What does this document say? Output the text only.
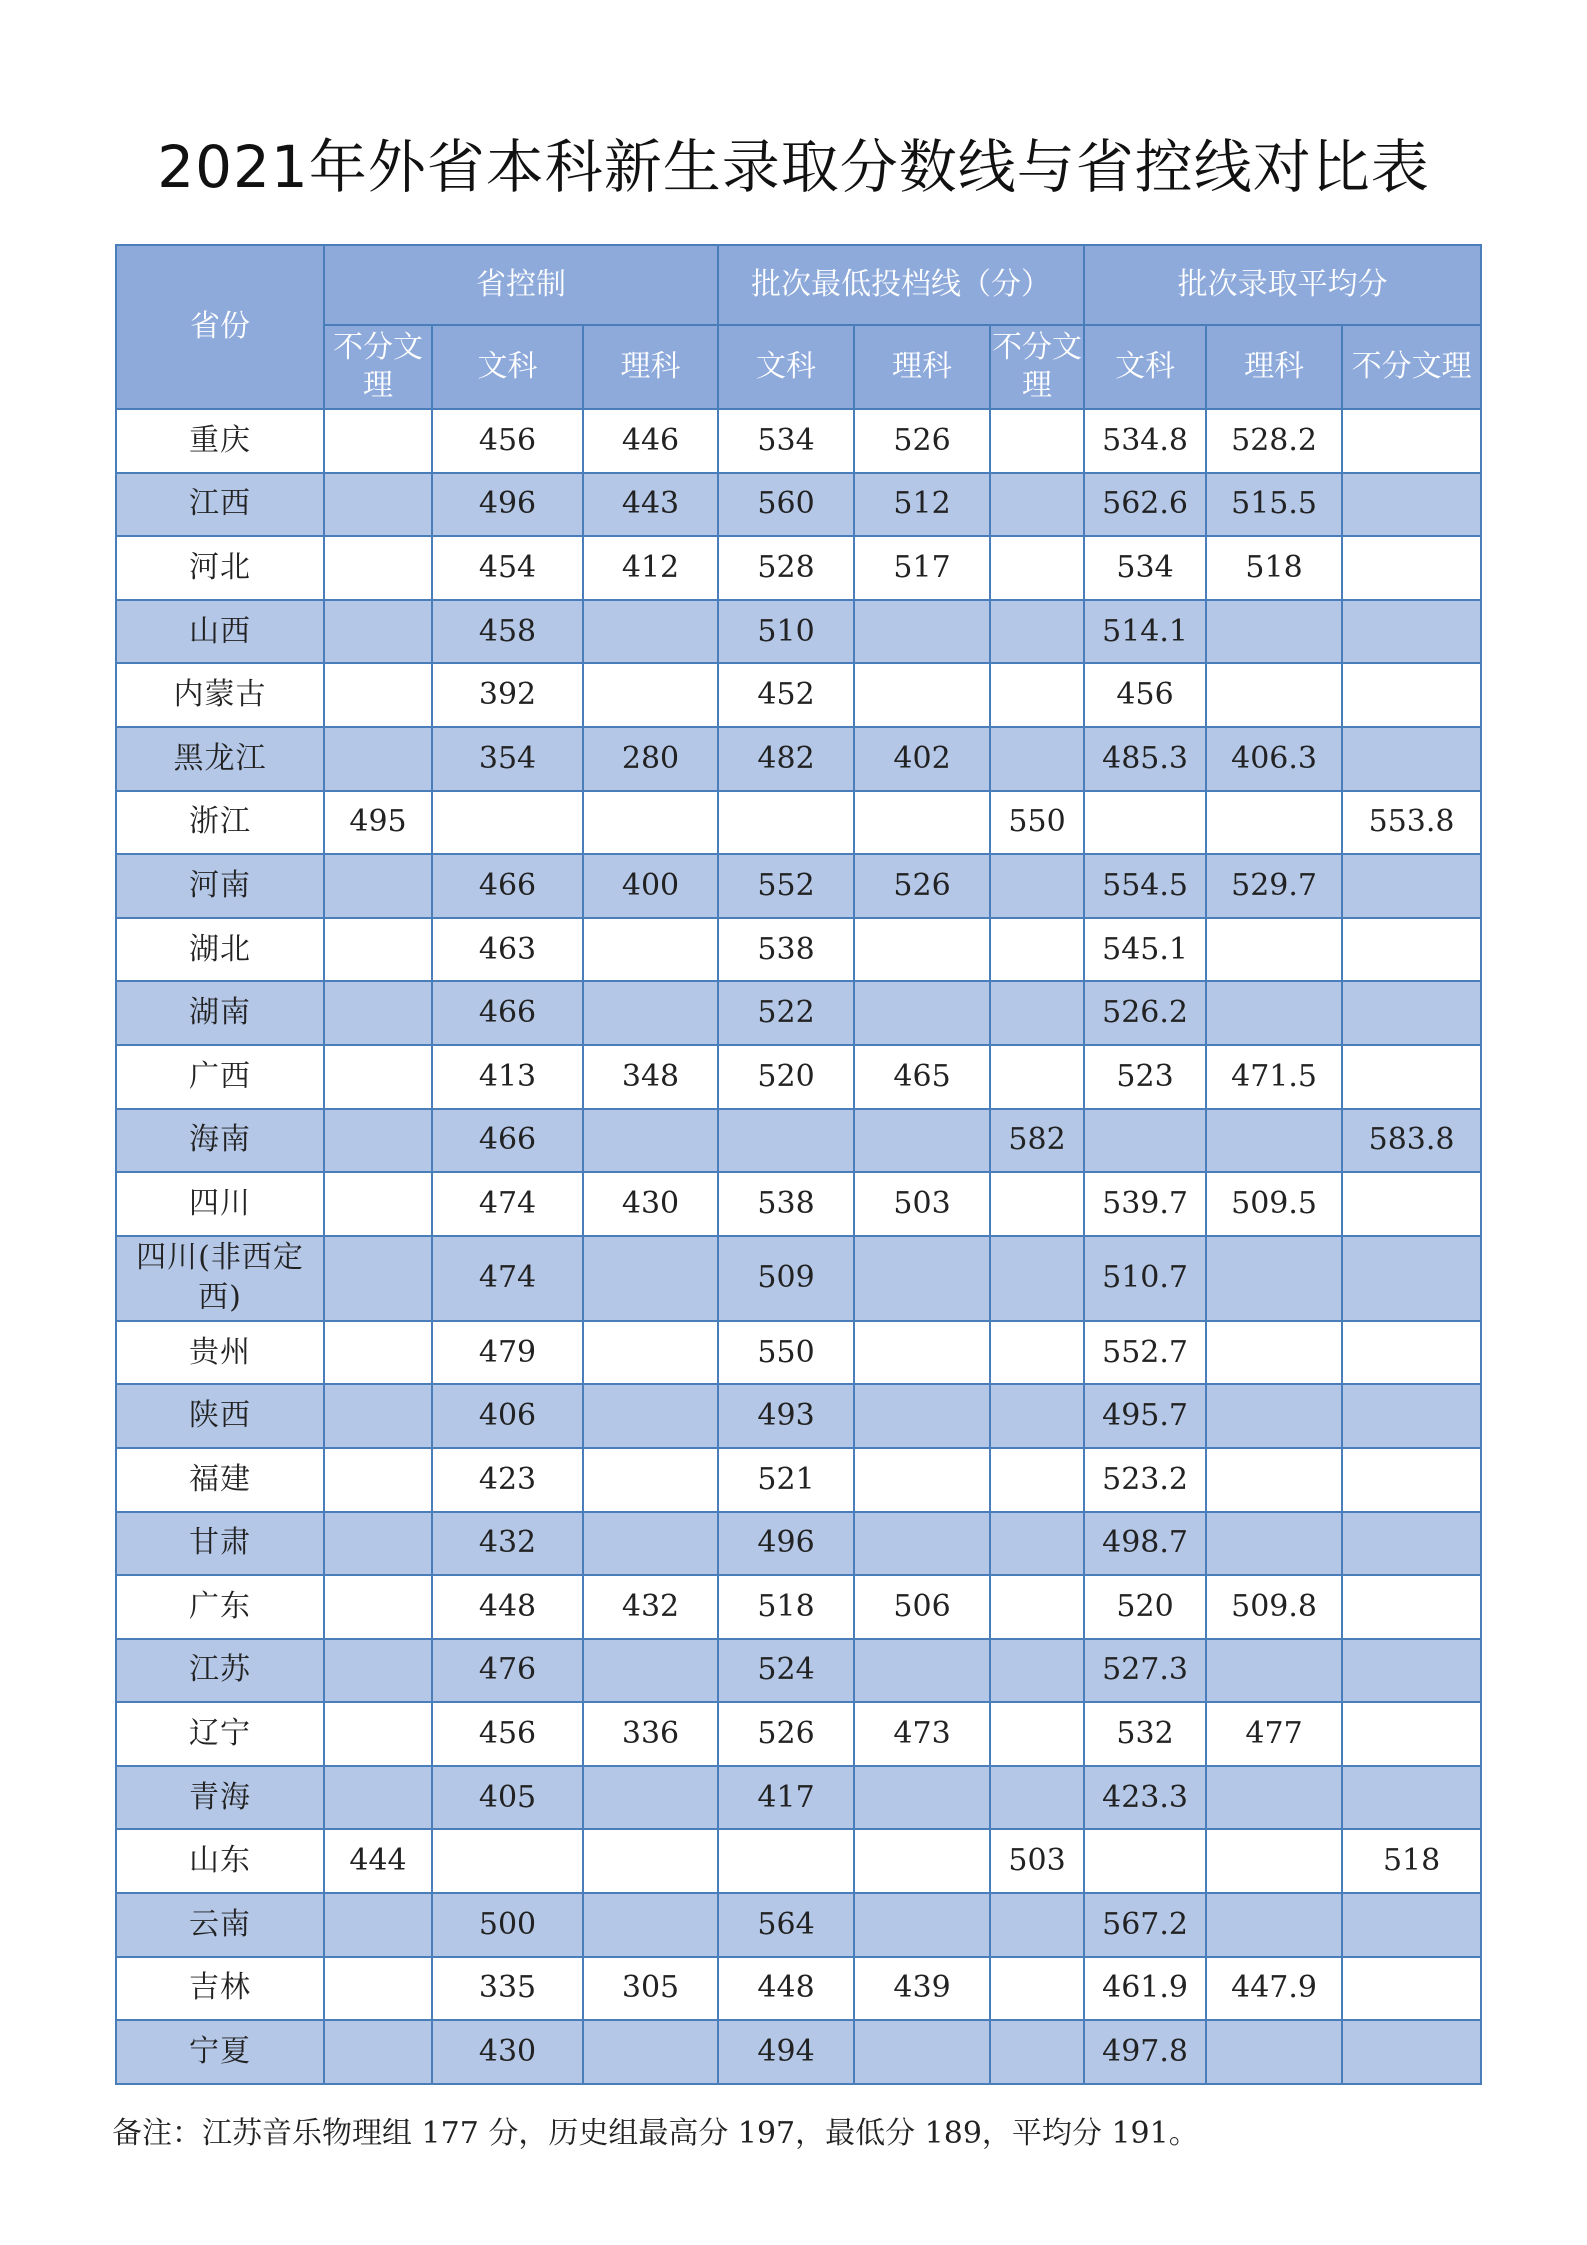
2021年外省本科新生录取分数线与省控线对比表
省份	省控制			批次最低投档线（分）			批次录取平均分		
	不分文理	文科	理科	文科	理科	不分文理	文科	理科	不分文理
重庆		456	446	534	526		534.8	528.2	
江西		496	443	560	512		562.6	515.5	
河北		454	412	528	517		534	518	
山西		458		510			514.1		
内蒙古		392		452			456		
黑龙江		354	280	482	402		485.3	406.3	
浙江	495					550			553.8
河南		466	400	552	526		554.5	529.7	
湖北		463		538			545.1		
湖南		466		522			526.2		
广西		413	348	520	465		523	471.5	
海南		466				582			583.8
四川		474	430	538	503		539.7	509.5	
四川(非西定西)		474		509			510.7		
贵州		479		550			552.7		
陕西		406		493			495.7		
福建		423		521			523.2		
甘肃		432		496			498.7		
广东		448	432	518	506		520	509.8	
江苏		476		524			527.3		
辽宁		456	336	526	473		532	477	
青海		405		417			423.3		
山东	444					503			518
云南		500		564			567.2		
吉林		335	305	448	439		461.9	447.9	
宁夏		430		494			497.8		
备注：江苏音乐物理组 177 分，历史组最高分 197，最低分 189，平均分 191。
